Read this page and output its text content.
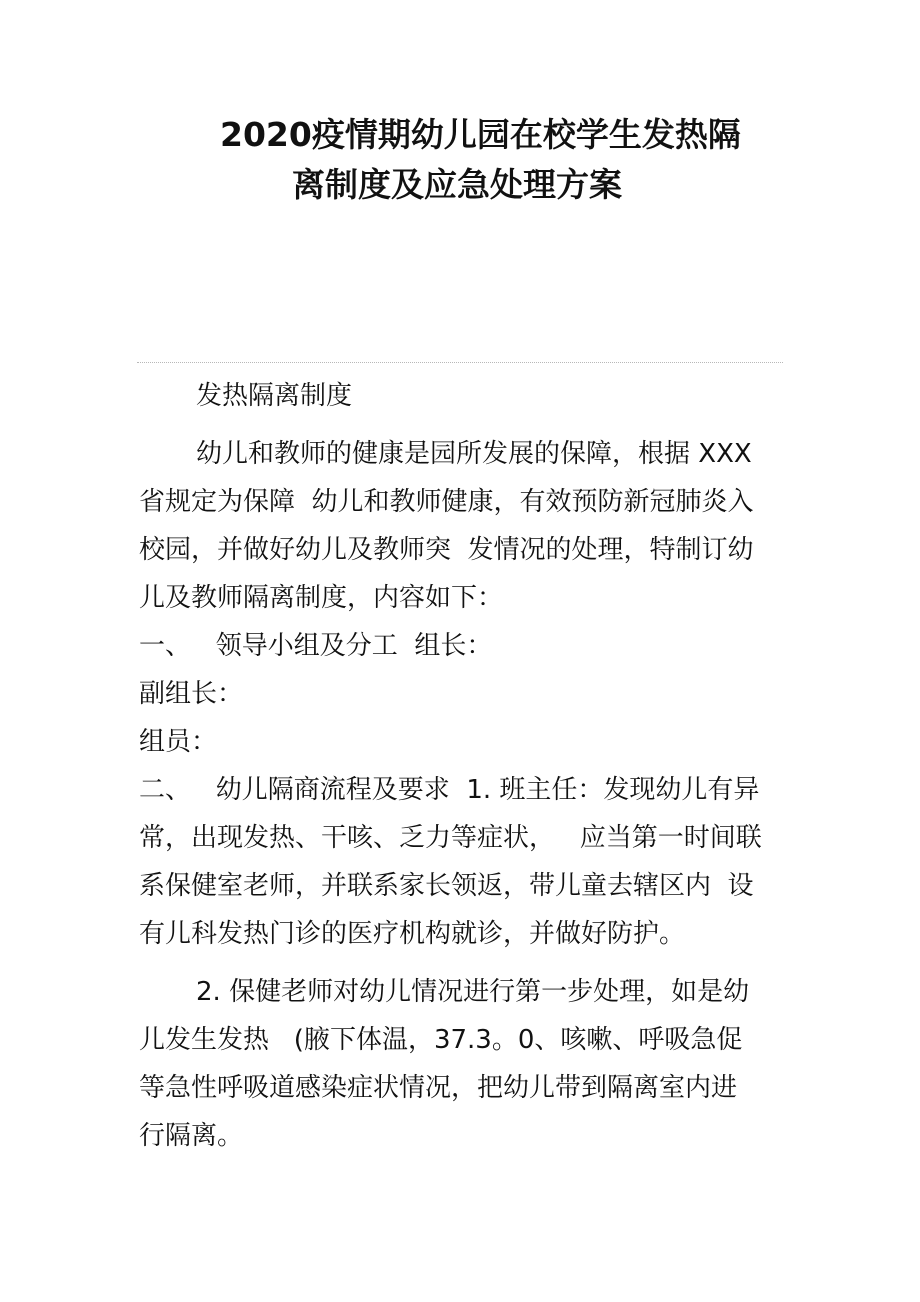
2020疫情期幼儿园在校学生发热隔
离制度及应急处理方案
发热隔离制度
幼儿和教师的健康是园所发展的保障，根据 XXX
省规定为保障  幼儿和教师健康，有效预防新冠肺炎入
校园，并做好幼儿及教师突  发情况的处理，特制订幼
儿及教师隔离制度，内容如下：
一、   领导小组及分工  组长：
副组长：
组员：
二、   幼儿隔商流程及要求  1. 班主任：发现幼儿有异
常，出现发热、干咳、乏力等症状，   应当第一时间联
系保健室老师，并联系家长领返，带儿童去辖区内  设
有儿科发热门诊的医疗机构就诊，并做好防护。
2. 保健老师对幼儿情况进行第一步处理，如是幼
儿发生发热   (腋下体温，37.3。0、咳嗽、呼吸急促
等急性呼吸道感染症状情况，把幼儿带到隔离室内进
行隔离。
